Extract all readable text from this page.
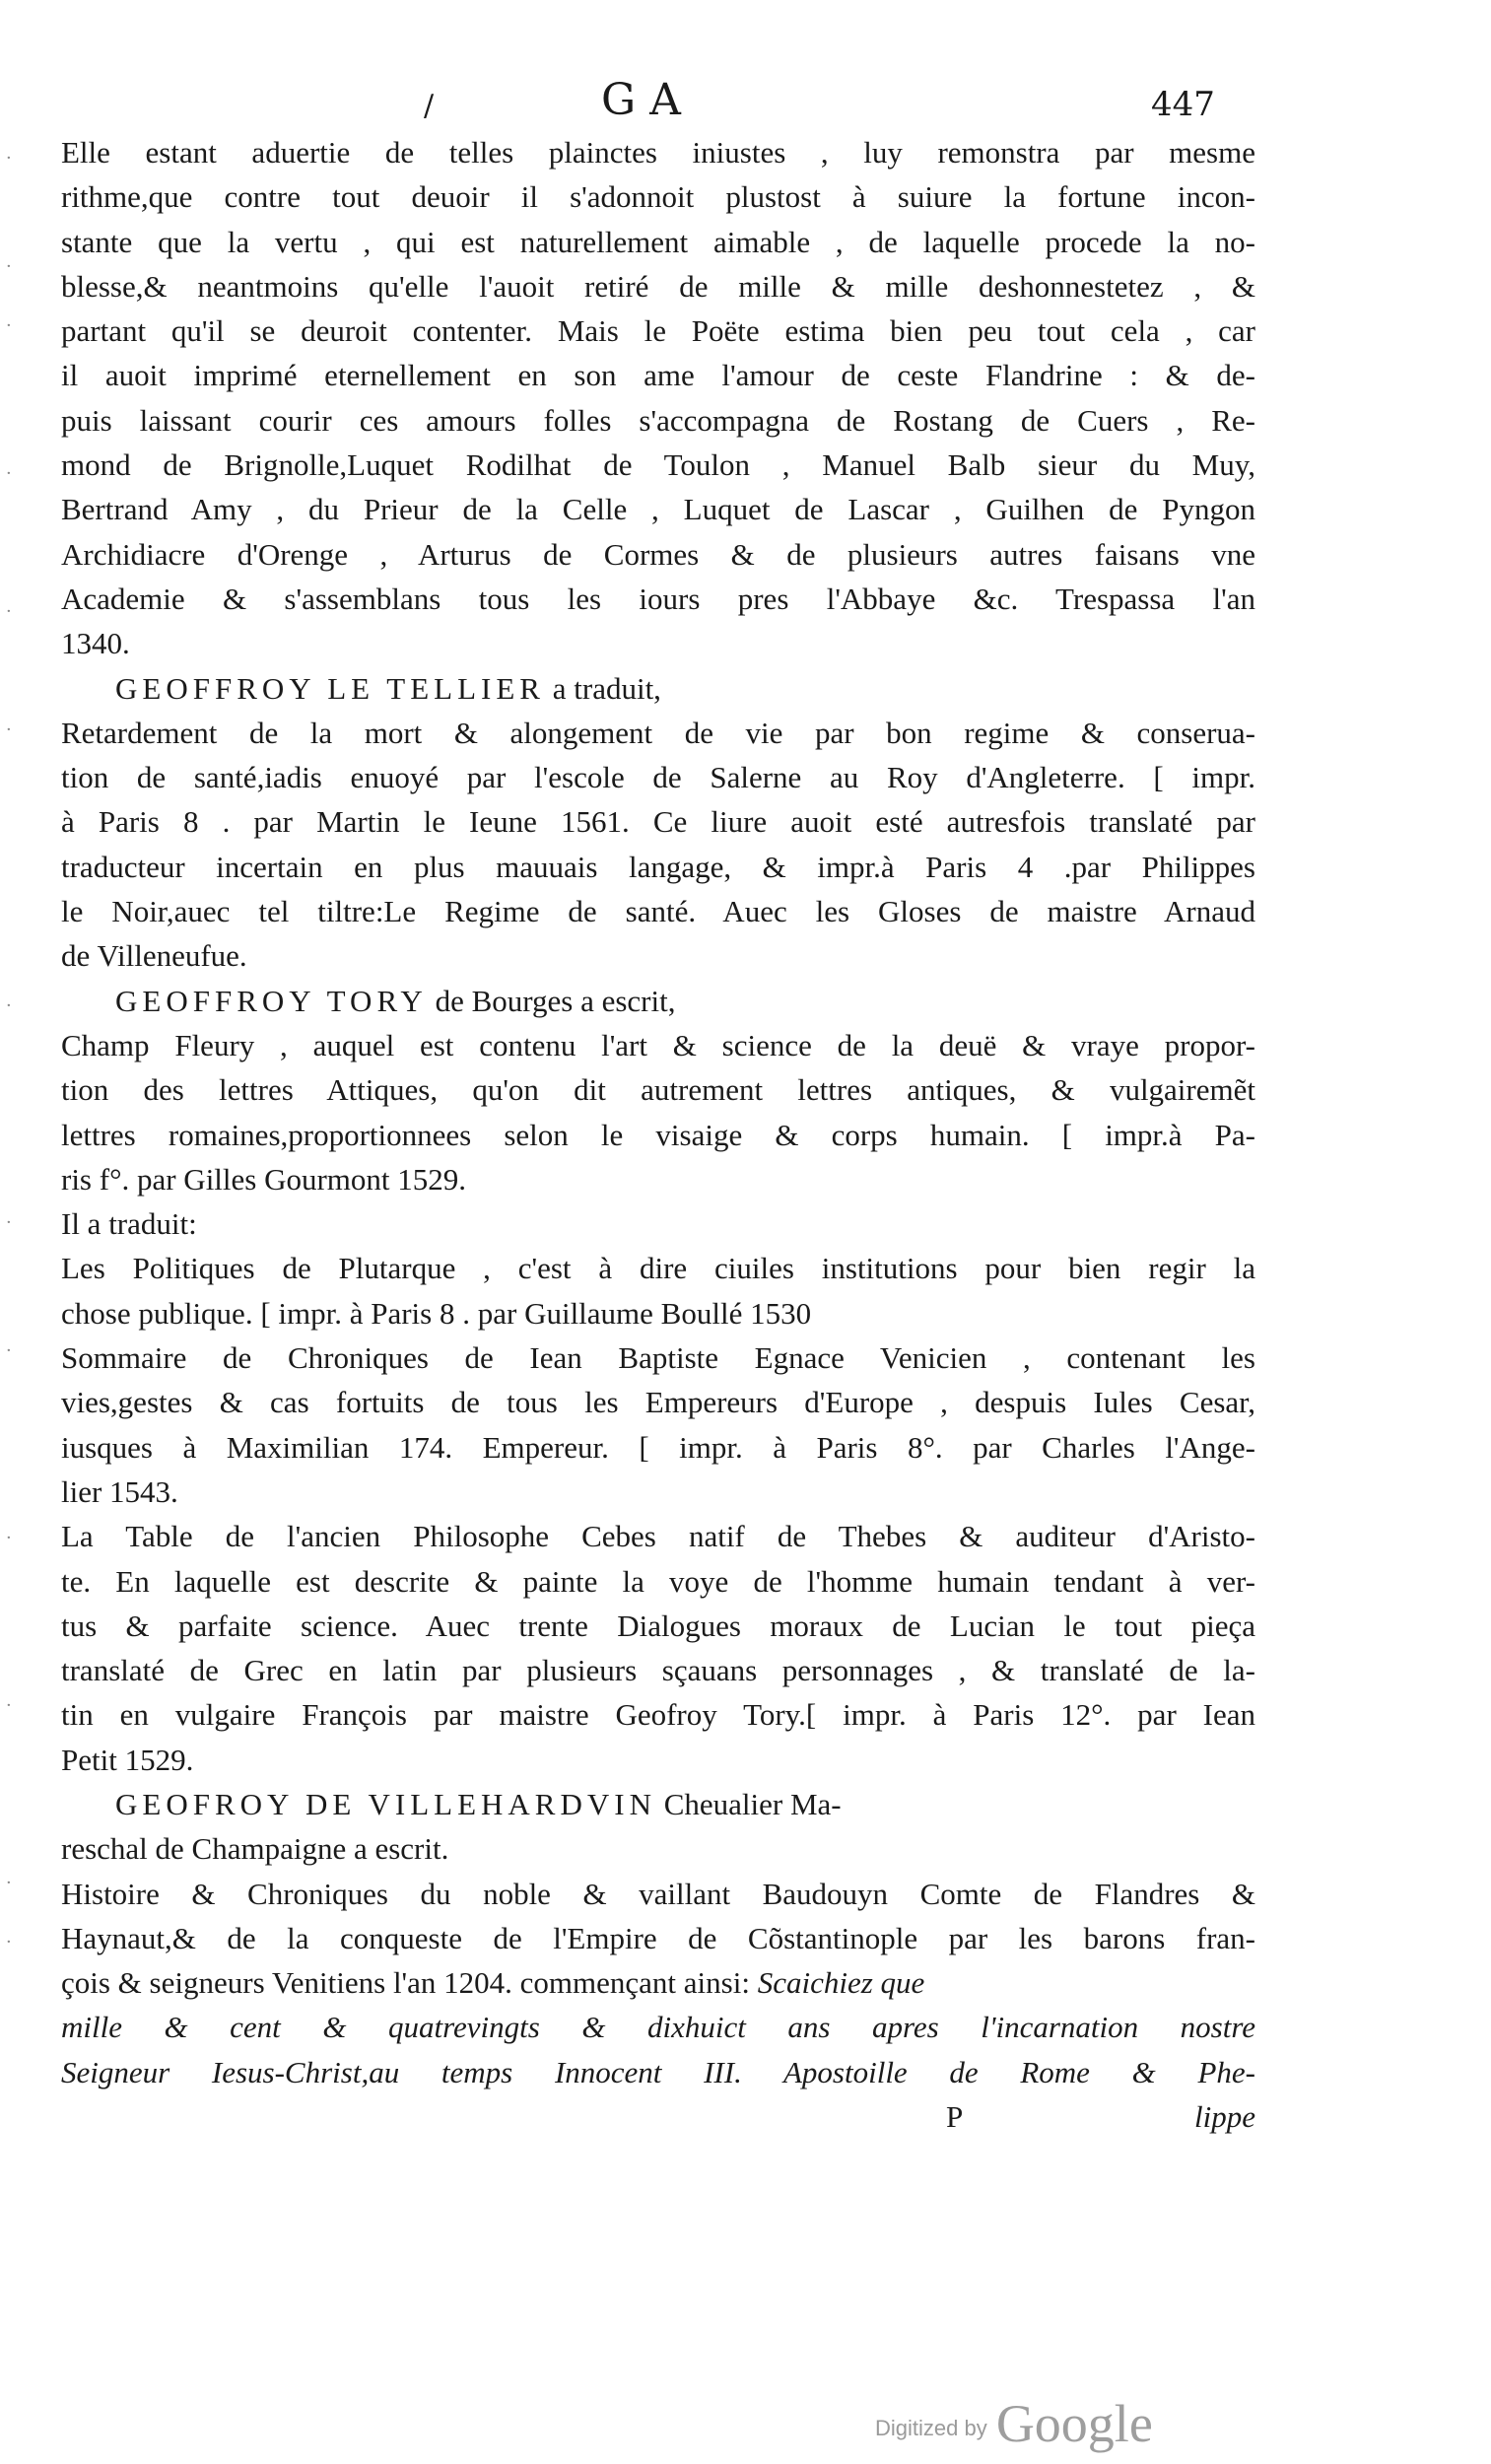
/	GA	447
·
·
·
·
·
·
·
·
·
·
·
·
·
Elle estant aduertie de telles plainctes iniustes , luy remonstra par mesme
rithme,que contre tout deuoir il s'adonnoit plustost à suiure la fortune incon-
stante que la vertu , qui est naturellement aimable , de laquelle procede la no-
blesse,& neantmoins qu'elle l'auoit retiré de mille & mille deshonnestetez , &
partant qu'il se deuroit contenter. Mais le Poëte estima bien peu tout cela , car
il auoit imprimé eternellement en son ame l'amour de ceste Flandrine : & de-
puis laissant courir ces amours folles s'accompagna de Rostang de Cuers , Re-
mond de Brignolle,Luquet Rodilhat de Toulon , Manuel Balb sieur du Muy,
Bertrand Amy , du Prieur de la Celle , Luquet de Lascar , Guilhen de Pyngon
Archidiacre d'Orenge , Arturus de Cormes & de plusieurs autres faisans vne
Academie & s'assemblans tous les iours pres l'Abbaye &c. Trespassa l'an
1340.
GEOFFROY LE TELLIER a traduit,
Retardement de la mort & alongement de vie par bon regime & conserua-
tion de santé,iadis enuoyé par l'escole de Salerne au Roy d'Angleterre. [ impr.
à Paris 8 . par Martin le Ieune 1561. Ce liure auoit esté autresfois translaté par
traducteur incertain en plus mauuais langage, & impr.à Paris 4 .par Philippes
le Noir,auec tel tiltre:Le Regime de santé. Auec les Gloses de maistre Arnaud
de Villeneufue.
GEOFFROY TORY de Bourges a escrit,
Champ Fleury , auquel est contenu l'art & science de la deuë & vraye propor-
tion des lettres Attiques, qu'on dit autrement lettres antiques, & vulgairemẽt
lettres romaines,proportionnees selon le visaige & corps humain. [ impr.à Pa-
ris f°. par Gilles Gourmont 1529.
Il a traduit:
Les Politiques de Plutarque , c'est à dire ciuiles institutions pour bien regir la
chose publique. [ impr. à Paris 8 . par Guillaume Boullé 1530
Sommaire de Chroniques de Iean Baptiste Egnace Venicien , contenant les
vies,gestes & cas fortuits de tous les Empereurs d'Europe , despuis Iules Cesar,
iusques à Maximilian 174. Empereur. [ impr. à Paris 8°. par Charles l'Ange-
lier 1543.
La Table de l'ancien Philosophe Cebes natif de Thebes & auditeur d'Aristo-
te. En laquelle est descrite & painte la voye de l'homme humain tendant à ver-
tus & parfaite science. Auec trente Dialogues moraux de Lucian le tout pieça
translaté de Grec en latin par plusieurs sçauans personnages , & translaté de la-
tin en vulgaire François par maistre Geofroy Tory.[ impr. à Paris 12°. par Iean
Petit 1529.
GEOFROY DE VILLEHARDVIN Cheualier Ma-
reschal de Champaigne a escrit.
Histoire & Chroniques du noble & vaillant Baudouyn Comte de Flandres &
Haynaut,& de la conqueste de l'Empire de Cõstantinople par les barons fran-
çois & seigneurs Venitiens l'an 1204. commençant ainsi: Scaichiez que
mille & cent & quatrevingts & dixhuict ans apres l'incarnation nostre
Seigneur Iesus-Christ,au temps Innocent III. Apostoille de Rome & Phe-
P	lippe
Digitized by Google
